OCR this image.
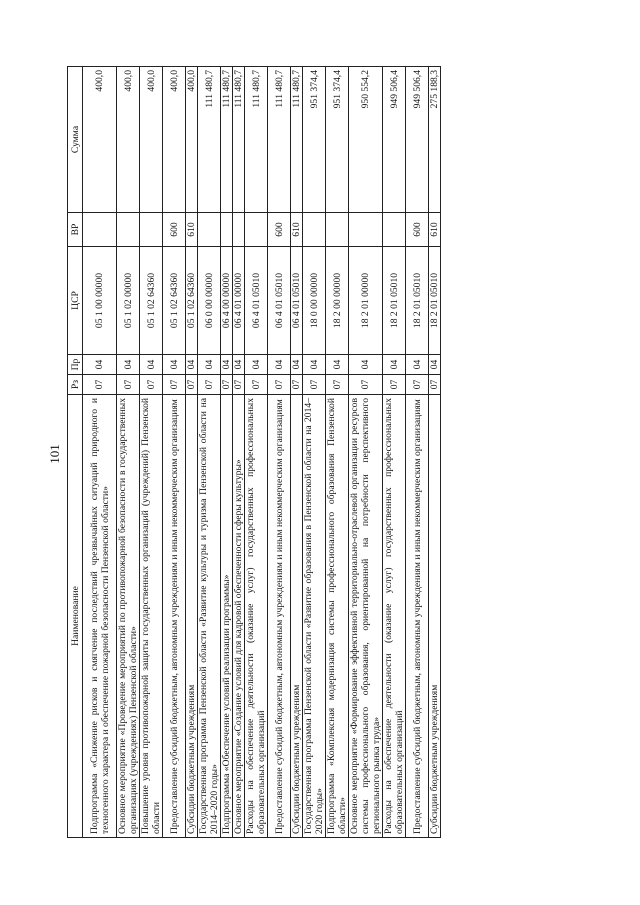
101
Наименование	Рз	Пр	ЦСР	ВР	Сумма
Подпрограмма «Снижение рисков и смягчение последствий чрезвычайных ситуаций природного и техногенного характера и обеспечение пожарной безопасности Пензенской области»	07	04	05 1 00 00000		400,0
Основное мероприятие «Проведение мероприятий по противопожарной безопасности в государственных организациях (учреждениях) Пензенской области»	07	04	05 1 02 00000		400,0
Повышение уровня противопожарной защиты государственных организаций (учреждений) Пензенской области	07	04	05 1 02 64360		400,0
Предоставление субсидий бюджетным, автономным учреждениям и иным некоммерческим организациям	07	04	05 1 02 64360	600	400,0
Субсидии бюджетным учреждениям	07	04	05 1 02 64360	610	400,0
Государственная программа Пензенской области «Развитие культуры и туризма Пензенской области на 2014–2020 годы»	07	04	06 0 00 00000		111 480,7
Подпрограмма «Обеспечение условий реализации программы»	07	04	06 4 00 00000		111 480,7
Основное мероприятие «Создание условий для кадровой обеспеченности сферы культуры»	07	04	06 4 01 00000		111 480,7
Расходы на обеспечение деятельности (оказание услуг) государственных профессиональных образовательных организаций	07	04	06 4 01 05010		111 480,7
Предоставление субсидий бюджетным, автономным учреждениям и иным некоммерческим организациям	07	04	06 4 01 05010	600	111 480,7
Субсидии бюджетным учреждениям	07	04	06 4 01 05010	610	111 480,7
Государственная программа Пензенской области «Развитие образования в Пензенской области на 2014–2020 годы»	07	04	18 0 00 00000		951 374,4
Подпрограмма «Комплексная модернизация системы профессионального образования Пензенской области»	07	04	18 2 00 00000		951 374,4
Основное мероприятие «Формирование эффективной территориально-отраслевой организации ресурсов системы профессионального образования, ориентированной на потребности перспективного регионального рынка труда»	07	04	18 2 01 00000		950 554,2
Расходы на обеспечение деятельности (оказание услуг) государственных профессиональных образовательных организаций	07	04	18 2 01 05010		949 506,4
Предоставление субсидий бюджетным, автономным учреждениям и иным некоммерческим организациям	07	04	18 2 01 05010	600	949 506,4
Субсидии бюджетным учреждениям	07	04	18 2 01 05010	610	275 188,3
